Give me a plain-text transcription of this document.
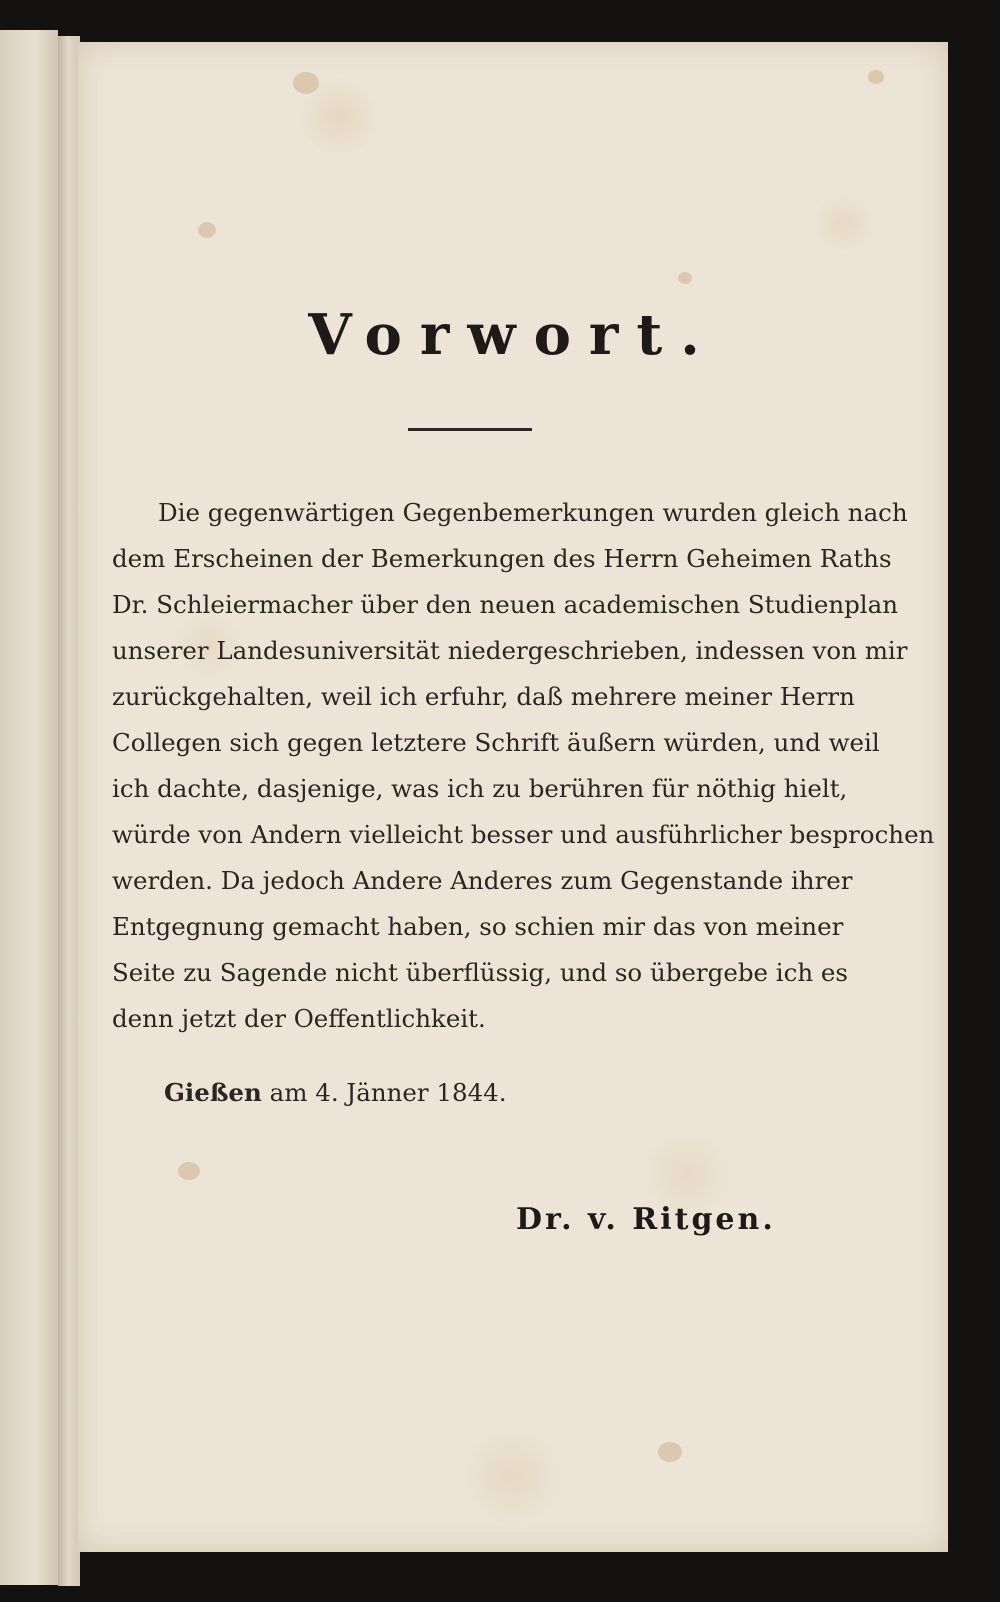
Vorwort.
Die gegenwärtigen Gegenbemerkungen wurden gleich nach
dem Erscheinen der Bemerkungen des Herrn Geheimen Raths
Dr. Schleiermacher über den neuen academischen Studienplan
unserer Landesuniversität niedergeschrieben, indessen von mir
zurückgehalten, weil ich erfuhr, daß mehrere meiner Herrn
Collegen sich gegen letztere Schrift äußern würden, und weil
ich dachte, dasjenige, was ich zu berühren für nöthig hielt,
würde von Andern vielleicht besser und ausführlicher besprochen
werden. Da jedoch Andere Anderes zum Gegenstande ihrer
Entgegnung gemacht haben, so schien mir das von meiner
Seite zu Sagende nicht überflüssig, und so übergebe ich es
denn jetzt der Oeffentlichkeit.
Gießen am 4. Jänner 1844.
Dr. v. Ritgen.
